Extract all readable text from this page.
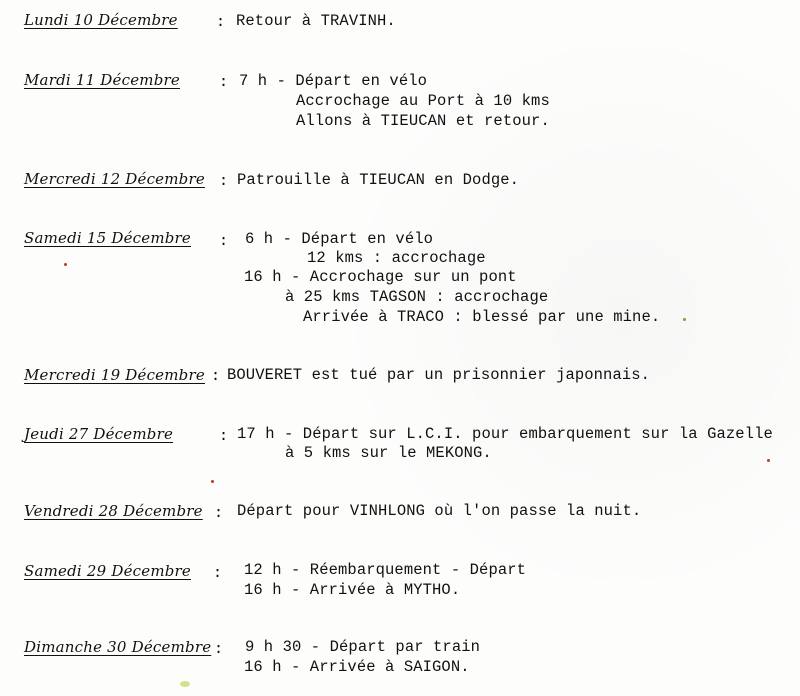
Lundi 10 Décembre	: Retour à TRAVINH.
Mardi 11 Décembre	: 7 h - Départ en vélo
Accrochage au Port à 10 kms
Allons à TIEUCAN et retour.
Mercredi 12 Décembre : Patrouille à TIEUCAN en Dodge.
Samedi 15 Décembre : 6 h - Départ en vélo
12 kms : accrochage
16 h - Accrochage sur un pont
à 25 kms TAGSON : accrochage
Arrivée à TRACO : blessé par une mine.
Mercredi 19 Décembre : BOUVERET est tué par un prisonnier japonnais.
Jeudi 27 Décembre	: 17 h - Départ sur L.C.I. pour embarquement sur la Gazelle
à 5 kms sur le MEKONG.
Vendredi 28 Décembre : Départ pour VINHLONG où l'on passe la nuit.
Samedi 29 Décembre : 12 h - Réembarquement - Départ
16 h - Arrivée à MYTHO.
Dimanche 30 Décembre : 9 h 30 - Départ par train
16 h - Arrivée à SAIGON.
